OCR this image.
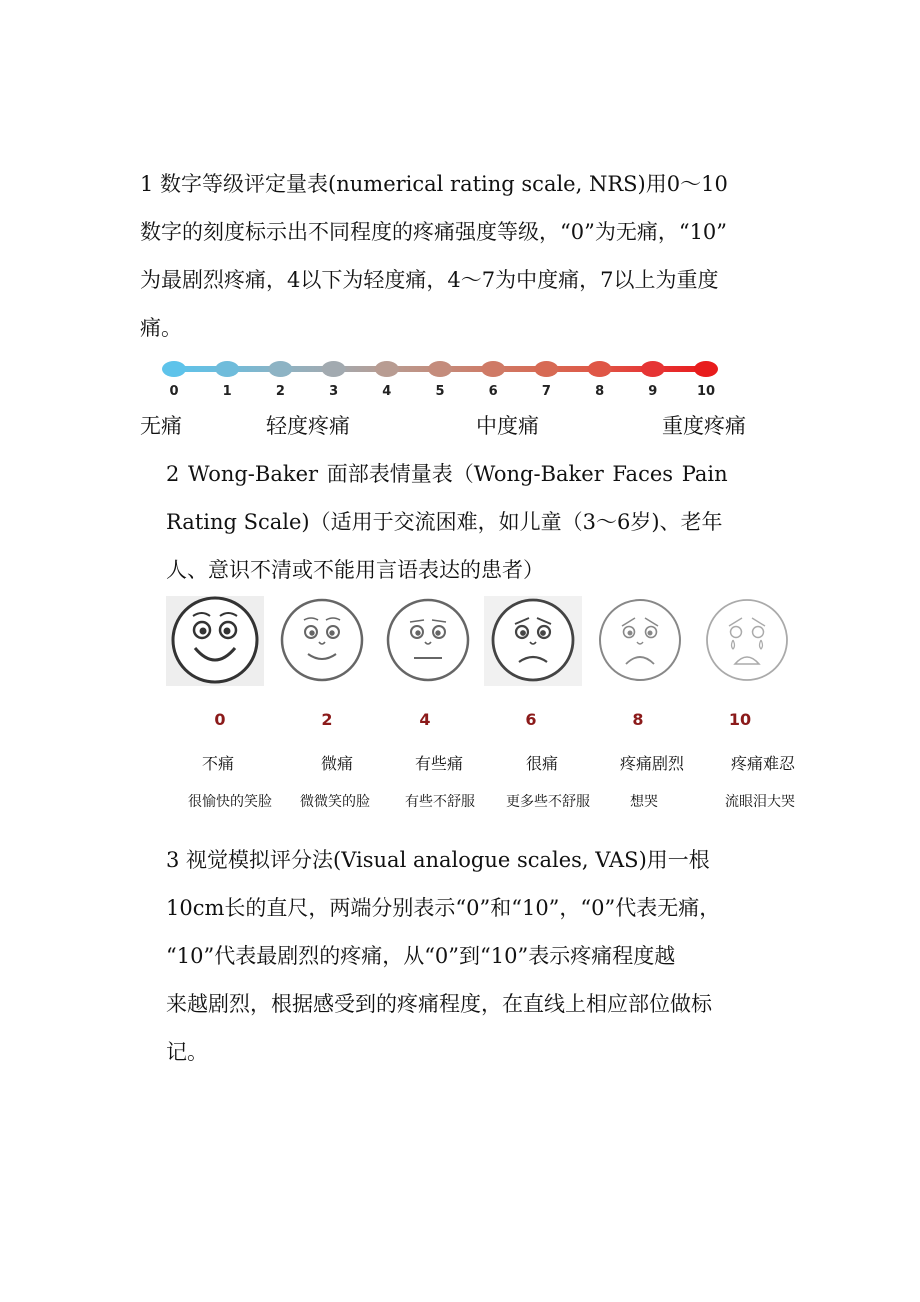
1 数字等级评定量表(numerical rating scale, NRS)用0～10
数字的刻度标示出不同程度的疼痛强度等级，“0”为无痛，“10”
为最剧烈疼痛，4以下为轻度痛，4～7为中度痛，7以上为重度
痛。
0	1	2	3	4	5	6	7	8	9	10
无痛	轻度疼痛	中度痛	重度疼痛
2 Wong-Baker 面部表情量表（Wong-Baker Faces Pain
Rating Scale)（适用于交流困难，如儿童（3～6岁)、老年
人、意识不清或不能用言语表达的患者）
0	2	4	6	8	10
不痛	微痛	有些痛	很痛	疼痛剧烈	疼痛难忍
很愉快的笑脸	微微笑的脸	有些不舒服	更多些不舒服	想哭	流眼泪大哭
3 视觉模拟评分法(Visual analogue scales, VAS)用一根
10cm长的直尺，两端分别表示“0”和“10”，“0”代表无痛，
“10”代表最剧烈的疼痛，从“0”到“10”表示疼痛程度越
来越剧烈，根据感受到的疼痛程度，在直线上相应部位做标
记。
